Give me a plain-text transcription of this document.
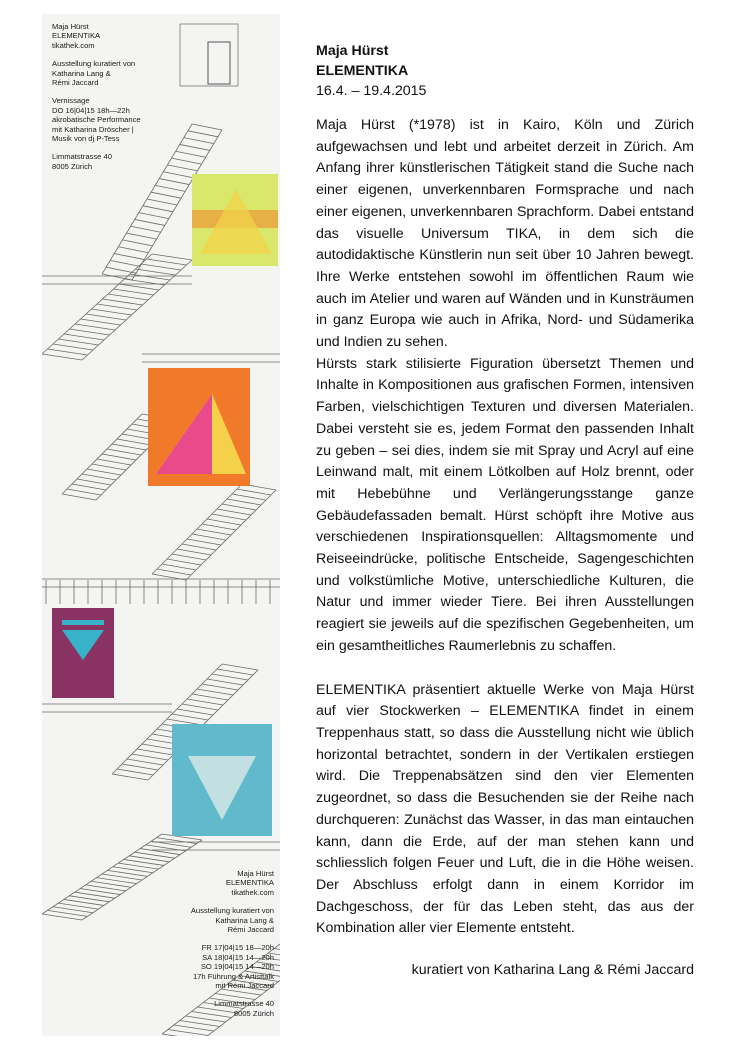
Maja Hürst
ELEMENTIKA
tikathek.com
Ausstellung kuratiert von
Katharina Lang &
Rémi Jaccard
Vernissage
DO 16|04|15 18h—22h
akrobatische Performance
mit Katharina Dröscher |
Musik von dj P-Tess
Limmatstrasse 40
8005 Zürich
Maja Hürst
ELEMENTIKA
tikathek.com
Ausstellung kuratiert von
Katharina Lang &
Rémi Jaccard
FR 17|04|15 18—20h
SA 18|04|15 14—20h
SO 19|04|15 14—20h
17h Führung & Artisttalk
mit Rémi Jaccard
Limmatstrasse 40
8005 Zürich
Maja Hürst
ELEMENTIKA
16.4. – 19.4.2015

Maja Hürst (*1978) ist in Kairo, Köln und Zürich aufgewachsen und lebt und arbeitet derzeit in Zürich. Am Anfang ihrer künstlerischen Tätigkeit stand die Suche nach einer eigenen, unverkennbaren Formsprache und nach einer eigenen, unverkennbaren Sprachform. Dabei entstand das visuelle Universum TIKA, in dem sich die autodidaktische Künstlerin nun seit über 10 Jahren bewegt. Ihre Werke entstehen sowohl im öffentlichen Raum wie auch im Atelier und waren auf Wänden und in Kunsträumen in ganz Europa wie auch in Afrika, Nord- und Südamerika und Indien zu sehen.

Hürsts stark stilisierte Figuration übersetzt Themen und Inhalte in Kompositionen aus grafischen Formen, intensiven Farben, vielschichtigen Texturen und diversen Materialen. Dabei versteht sie es, jedem Format den passenden Inhalt zu geben – sei dies, indem sie mit Spray und Acryl auf eine Leinwand malt, mit einem Lötkolben auf Holz brennt, oder mit Hebebühne und Verlängerungsstange ganze Gebäudefassaden bemalt. Hürst schöpft ihre Motive aus verschiedenen Inspirationsquellen: Alltagsmomente und Reiseeindrücke, politische Entscheide, Sagengeschichten und volkstümliche Motive, unterschiedliche Kulturen, die Natur und immer wieder Tiere. Bei ihren Ausstellungen reagiert sie jeweils auf die spezifischen Gegebenheiten, um ein gesamtheitliches Raumerlebnis zu schaffen.

ELEMENTIKA präsentiert aktuelle Werke von Maja Hürst auf vier Stockwerken – ELEMENTIKA findet in einem Treppenhaus statt, so dass die Ausstellung nicht wie üblich horizontal betrachtet, sondern in der Vertikalen erstiegen wird. Die Treppenabsätzen sind den vier Elementen zugeordnet, so dass die Besuchenden sie der Reihe nach durchqueren: Zunächst das Wasser, in das man eintauchen kann, dann die Erde, auf der man stehen kann und schliesslich folgen Feuer und Luft, die in die Höhe weisen. Der Abschluss erfolgt dann in einem Korridor im Dachgeschoss, der für das Leben steht, das aus der Kombination aller vier Elemente entsteht.

kuratiert von Katharina Lang & Rémi Jaccard
